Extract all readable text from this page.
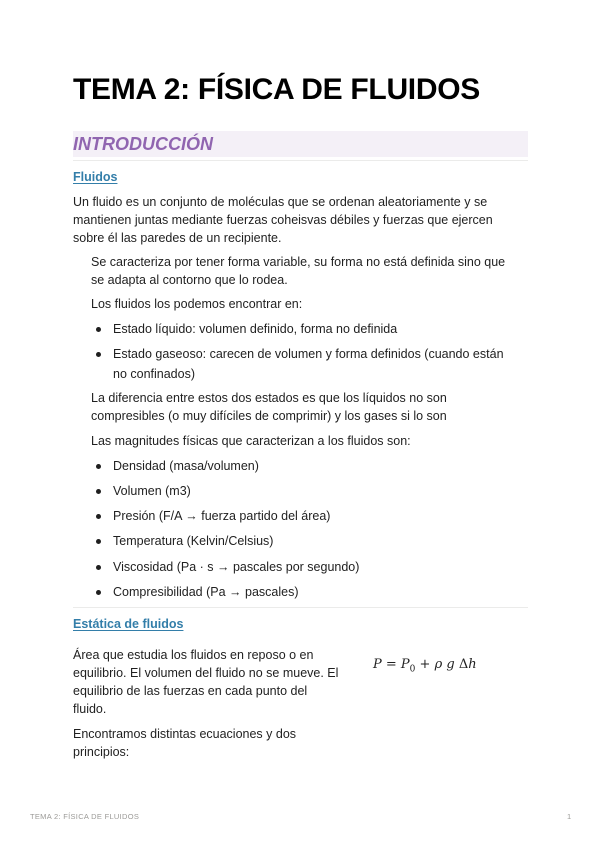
TEMA 2: FÍSICA DE FLUIDOS
INTRODUCCIÓN
Fluidos
Un fluido es un conjunto de moléculas que se ordenan aleatoriamente y se
mantienen juntas mediante fuerzas coheisvas débiles y fuerzas que ejercen
sobre él las paredes de un recipiente.
Se caracteriza por tener forma variable, su forma no está definida sino que
se adapta al contorno que lo rodea.
Los fluidos los podemos encontrar en:
Estado líquido: volumen definido, forma no definida
Estado gaseoso: carecen de volumen y forma definidos (cuando están
no confinados)
La diferencia entre estos dos estados es que los líquidos no son
compresibles (o muy difíciles de comprimir) y los gases si lo son
Las magnitudes físicas que caracterizan a los fluidos son:
Densidad (masa/volumen)
Volumen (m3)
Presión (F/A → fuerza partido del área)
Temperatura (Kelvin/Celsius)
Viscosidad (Pa · s → pascales por segundo)
Compresibilidad (Pa → pascales)
Estática de fluidos
Área que estudia los fluidos en reposo o en
equilibrio. El volumen del fluido no se mueve. El
equilibrio de las fuerzas en cada punto del
fluido.
Encontramos distintas ecuaciones y dos
principios:
$P = P_0 + \rho$ g Δh
TEMA 2: FÍSICA DE FLUIDOS	1
